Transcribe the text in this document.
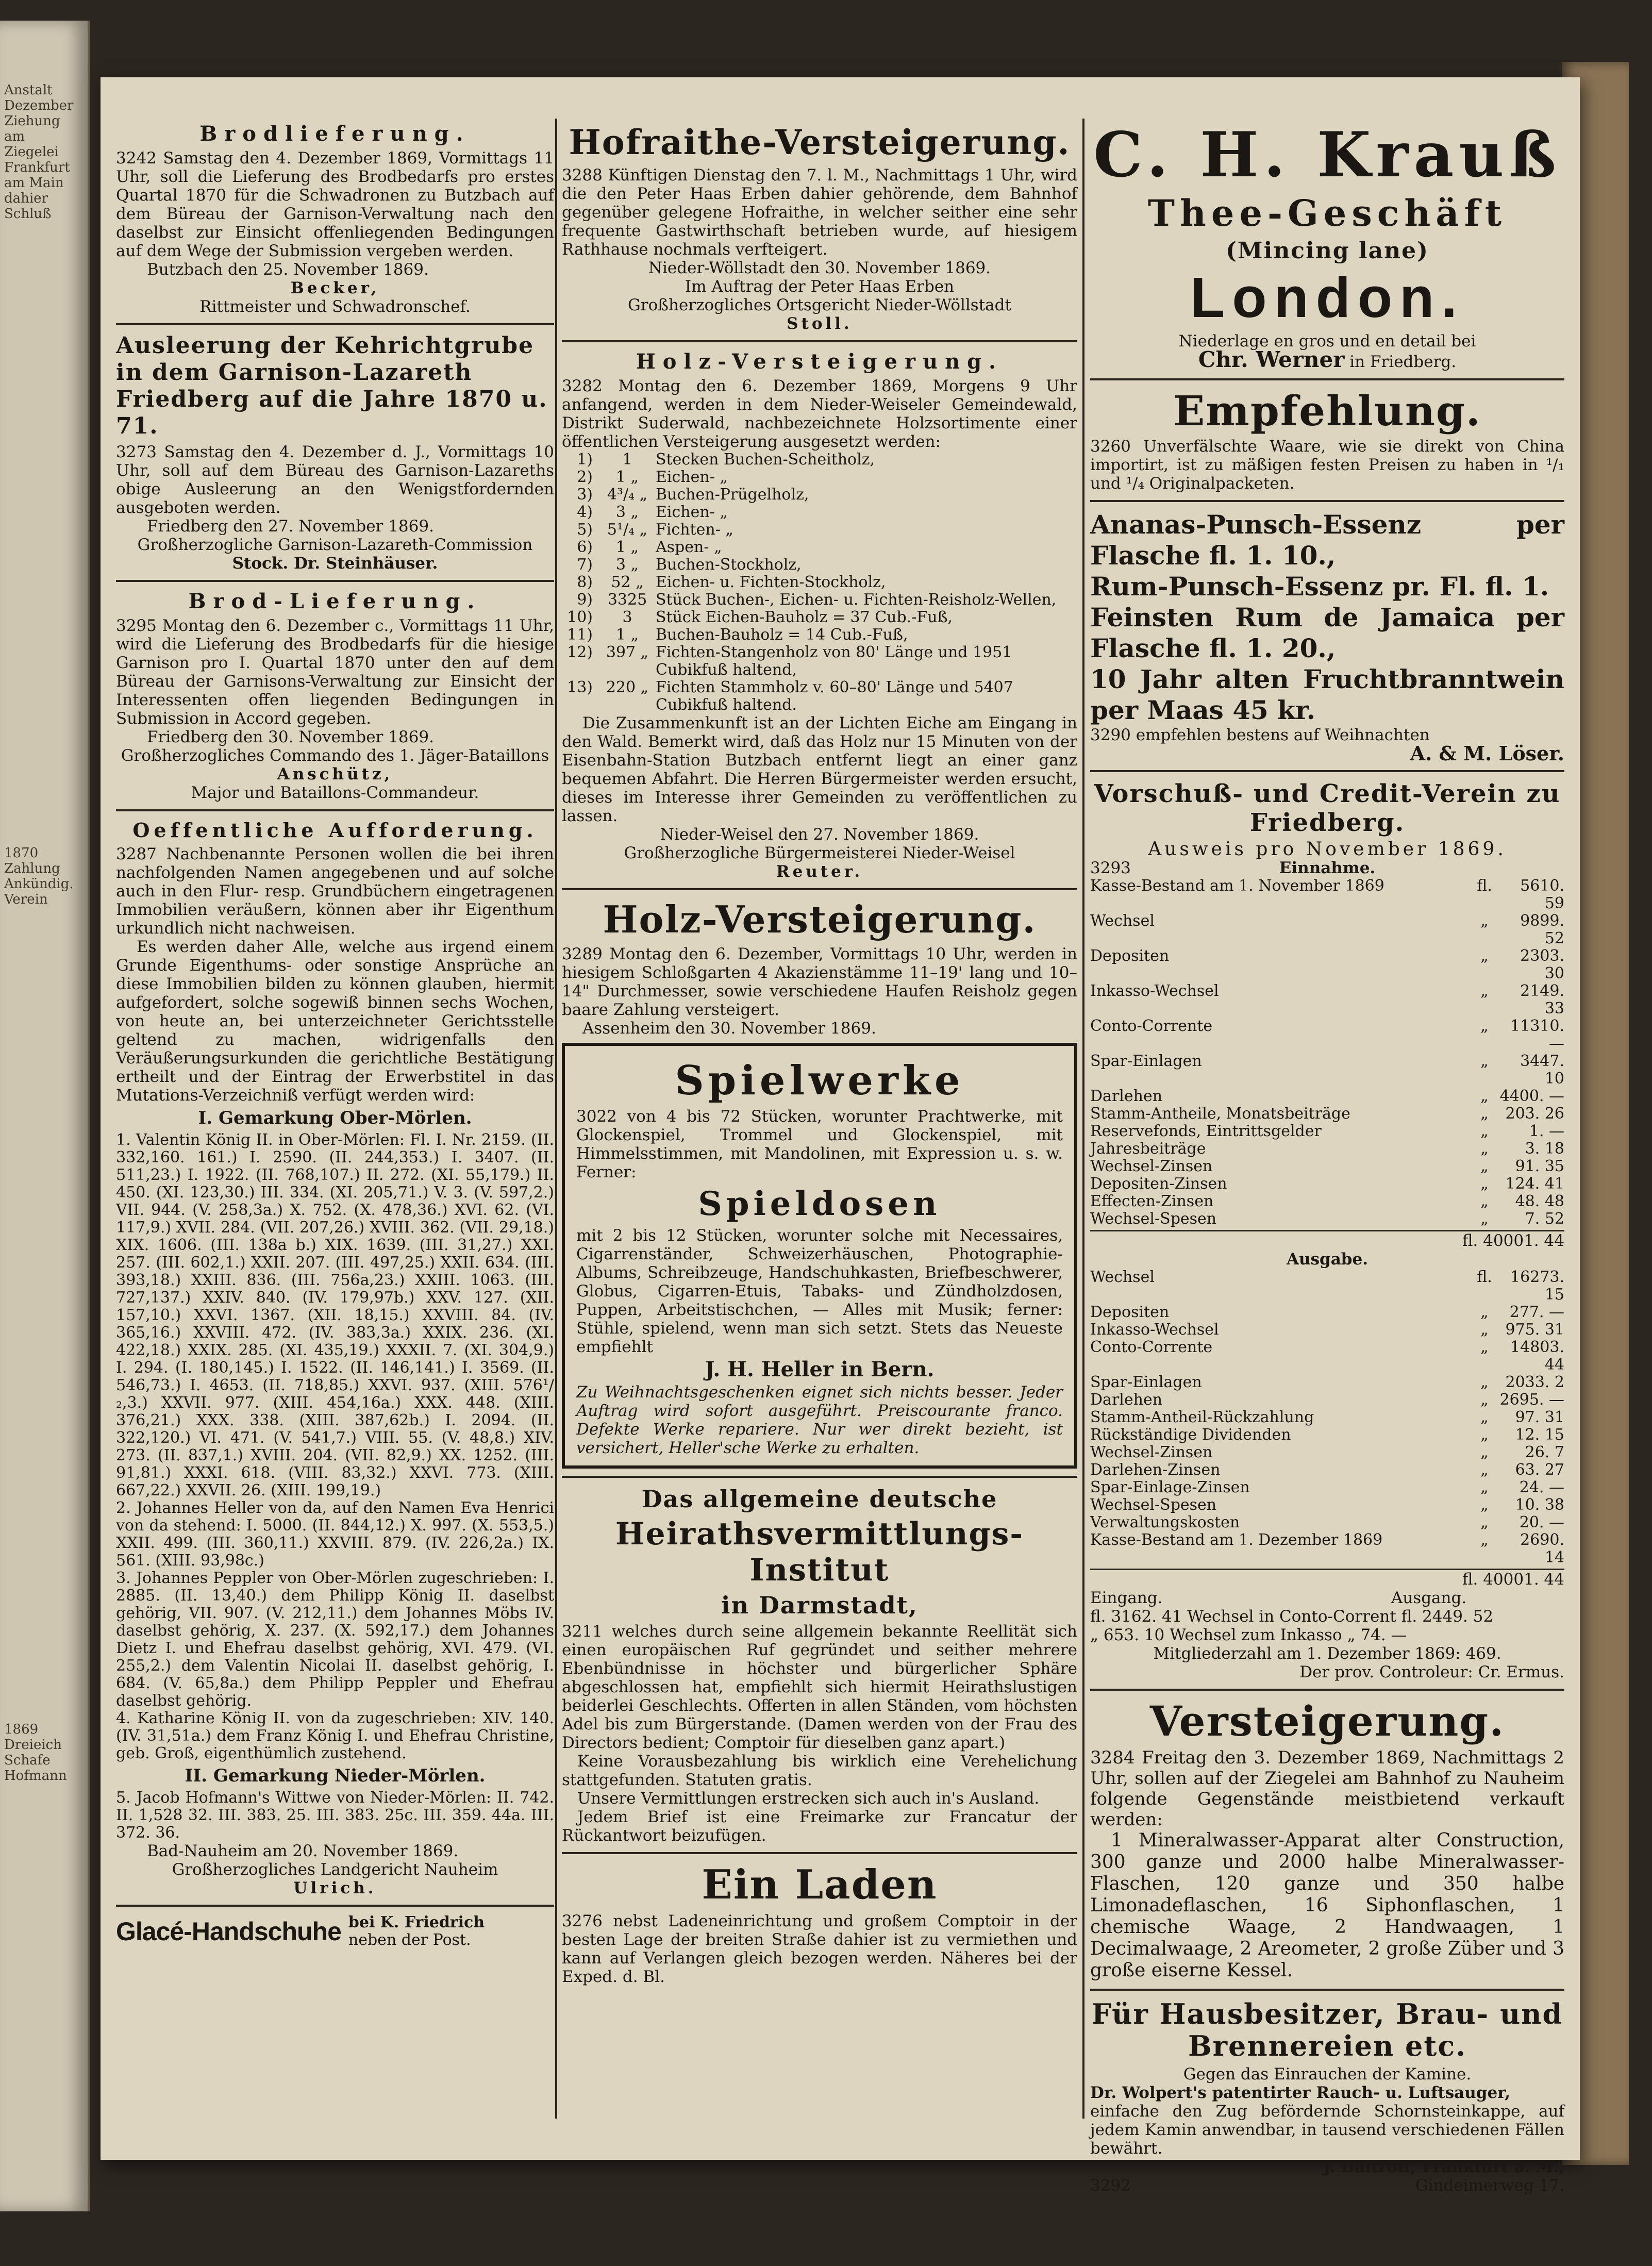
Anstalt
Dezember
Ziehung
am
Ziegelei
Frankfurt
am Main
dahier
Schluß
1870
Zahlung
Ankündig.
Verein
1869
Dreieich
Schafe
Hofmann
Brodlieferung.

3242 Samstag den 4. Dezember 1869, Vormittags 11 Uhr, soll die Lieferung des Brodbedarfs pro erstes Quartal 1870 für die Schwadronen zu Butzbach auf dem Büreau der Garnison-Verwaltung nach den daselbst zur Einsicht offenliegenden Bedingungen auf dem Wege der Submission vergeben werden.

Butzbach den 25. November 1869.

Becker,

Rittmeister und Schwadronschef.

Ausleerung der Kehrichtgrube in dem Garnison-Lazareth Friedberg auf die Jahre 1870 u. 71.

3273 Samstag den 4. Dezember d. J., Vormittags 10 Uhr, soll auf dem Büreau des Garnison-Lazareths obige Ausleerung an den Wenigstfordernden ausgeboten werden.

Friedberg den 27. November 1869.

Großherzogliche Garnison-Lazareth-Commission

Stock. Dr. Steinhäuser.

Brod-Lieferung.

3295 Montag den 6. Dezember c., Vormittags 11 Uhr, wird die Lieferung des Brodbedarfs für die hiesige Garnison pro I. Quartal 1870 unter den auf dem Büreau der Garnisons-Verwaltung zur Einsicht der Interessenten offen liegenden Bedingungen in Submission in Accord gegeben.

Friedberg den 30. November 1869.

Großherzogliches Commando des 1. Jäger-Bataillons

Anschütz,

Major und Bataillons-Commandeur.

Oeffentliche Aufforderung.

3287 Nachbenannte Personen wollen die bei ihren nachfolgenden Namen angegebenen und auf solche auch in den Flur- resp. Grundbüchern eingetragenen Immobilien veräußern, können aber ihr Eigenthum urkundlich nicht nachweisen.

Es werden daher Alle, welche aus irgend einem Grunde Eigenthums- oder sonstige Ansprüche an diese Immobilien bilden zu können glauben, hiermit aufgefordert, solche sogewiß binnen sechs Wochen, von heute an, bei unterzeichneter Gerichtsstelle geltend zu machen, widrigenfalls den Veräußerungsurkunden die gerichtliche Bestätigung ertheilt und der Eintrag der Erwerbstitel in das Mutations-Verzeichniß verfügt werden wird:

I. Gemarkung Ober-Mörlen.

1. Valentin König II. in Ober-Mörlen: Fl. I. Nr. 2159. (II. 332,160. 161.) I. 2590. (II. 244,353.) I. 3407. (II. 511,23.) I. 1922. (II. 768,107.) II. 272. (XI. 55,179.) II. 450. (XI. 123,30.) III. 334. (XI. 205,71.) V. 3. (V. 597,2.) VII. 944. (V. 258,3a.) X. 752. (X. 478,36.) XVI. 62. (VI. 117,9.) XVII. 284. (VII. 207,26.) XVIII. 362. (VII. 29,18.) XIX. 1606. (III. 138a b.) XIX. 1639. (III. 31,27.) XXI. 257. (III. 602,1.) XXII. 207. (III. 497,25.) XXII. 634. (III. 393,18.) XXIII. 836. (III. 756a,23.) XXIII. 1063. (III. 727,137.) XXIV. 840. (IV. 179,97b.) XXV. 127. (XII. 157,10.) XXVI. 1367. (XII. 18,15.) XXVIII. 84. (IV. 365,16.) XXVIII. 472. (IV. 383,3a.) XXIX. 236. (XI. 422,18.) XXIX. 285. (XI. 435,19.) XXXII. 7. (XI. 304,9.) I. 294. (I. 180,145.) I. 1522. (II. 146,141.) I. 3569. (II. 546,73.) I. 4653. (II. 718,85.) XXVI. 937. (XIII. 576¹/₂,3.) XXVII. 977. (XIII. 454,16a.) XXX. 448. (XIII. 376,21.) XXX. 338. (XIII. 387,62b.) I. 2094. (II. 322,120.) VI. 471. (V. 541,7.) VIII. 55. (V. 48,8.) XIV. 273. (II. 837,1.) XVIII. 204. (VII. 82,9.) XX. 1252. (III. 91,81.) XXXI. 618. (VIII. 83,32.) XXVI. 773. (XIII. 667,22.) XXVII. 26. (XIII. 199,19.)

2. Johannes Heller von da, auf den Namen Eva Henrici von da stehend: I. 5000. (II. 844,12.) X. 997. (X. 553,5.) XXII. 499. (III. 360,11.) XXVIII. 879. (IV. 226,2a.) IX. 561. (XIII. 93,98c.)

3. Johannes Peppler von Ober-Mörlen zugeschrieben: I. 2885. (II. 13,40.) dem Philipp König II. daselbst gehörig, VII. 907. (V. 212,11.) dem Johannes Möbs IV. daselbst gehörig, X. 237. (X. 592,17.) dem Johannes Dietz I. und Ehefrau daselbst gehörig, XVI. 479. (VI. 255,2.) dem Valentin Nicolai II. daselbst gehörig, I. 684. (V. 65,8a.) dem Philipp Peppler und Ehefrau daselbst gehörig.

4. Katharine König II. von da zugeschrieben: XIV. 140. (IV. 31,51a.) dem Franz König I. und Ehefrau Christine, geb. Groß, eigenthümlich zustehend.

II. Gemarkung Nieder-Mörlen.

5. Jacob Hofmann's Wittwe von Nieder-Mörlen: II. 742. II. 1,528 32. III. 383. 25. III. 383. 25c. III. 359. 44a. III. 372. 36.

Bad-Nauheim am 20. November 1869.

Großherzogliches Landgericht Nauheim

Ulrich.
Glacé-Handschuhe bei K. Friedrich
neben der Post.
Hofraithe-Versteigerung.

3288 Künftigen Dienstag den 7. l. M., Nachmittags 1 Uhr, wird die den Peter Haas Erben dahier gehörende, dem Bahnhof gegenüber gelegene Hofraithe, in welcher seither eine sehr frequente Gastwirthschaft betrieben wurde, auf hiesigem Rathhause nochmals verfteigert.

Nieder-Wöllstadt den 30. November 1869.

Im Auftrag der Peter Haas Erben

Großherzogliches Ortsgericht Nieder-Wöllstadt

Stoll.
Holz-Versteigerung.

3282 Montag den 6. Dezember 1869, Morgens 9 Uhr anfangend, werden in dem Nieder-Weiseler Gemeindewald, Distrikt Suderwald, nachbezeichnete Holzsortimente einer öffentlichen Versteigerung ausgesetzt werden:

1)	1	Stecken Buchen-Scheitholz,
2)	1 „	Eichen- „
3) 4³/₄ „ Buchen-Prügelholz,
4)	3 „	Eichen- „
5) 5¹/₄ „ Fichten- „
6)	1 „	Aspen- „
7)	3 „	Buchen-Stockholz,
8)	52 „ Eichen- u. Fichten-Stockholz,
9) 3325 Stück Buchen-, Eichen- u. Fichten-Reisholz-Wellen,
10)	3	Stück Eichen-Bauholz = 37 Cub.-Fuß,
11)	1 „	Buchen-Bauholz = 14 Cub.-Fuß,
12) 397 „ Fichten-Stangenholz von 80' Länge und 1951 Cubikfuß haltend,
13) 220 „ Fichten Stammholz v. 60–80' Länge und 5407 Cubikfuß haltend.

Die Zusammenkunft ist an der Lichten Eiche am Eingang in den Wald. Bemerkt wird, daß das Holz nur 15 Minuten von der Eisenbahn-Station Butzbach entfernt liegt an einer ganz bequemen Abfahrt. Die Herren Bürgermeister werden ersucht, dieses im Interesse ihrer Gemeinden zu veröffentlichen zu lassen.

Nieder-Weisel den 27. November 1869.

Großherzogliche Bürgermeisterei Nieder-Weisel

Reuter.
Holz-Versteigerung.

3289 Montag den 6. Dezember, Vormittags 10 Uhr, werden in hiesigem Schloßgarten 4 Akazienstämme 11–19' lang und 10–14" Durchmesser, sowie verschiedene Haufen Reisholz gegen baare Zahlung versteigert.

Assenheim den 30. November 1869.

Spielwerke

3022 von 4 bis 72 Stücken, worunter Prachtwerke, mit Glockenspiel, Trommel und Glockenspiel, mit Himmelsstimmen, mit Mandolinen, mit Expression u. s. w. Ferner:

Spieldosen

mit 2 bis 12 Stücken, worunter solche mit Necessaires, Cigarrenständer, Schweizerhäuschen, Photographie-Albums, Schreibzeuge, Handschuhkasten, Briefbeschwerer, Globus, Cigarren-Etuis, Tabaks- und Zündholzdosen, Puppen, Arbeitstischchen, — Alles mit Musik; ferner: Stühle, spielend, wenn man sich setzt. Stets das Neueste empfiehlt

J. H. Heller in Bern.

Zu Weihnachtsgeschenken eignet sich nichts besser. Jeder Auftrag wird sofort ausgeführt. Preiscourante franco. Defekte Werke repariere. Nur wer direkt bezieht, ist versichert, Heller'sche Werke zu erhalten.

Das allgemeine deutsche
Heirathsvermittlungs-Institut
in Darmstadt,

3211 welches durch seine allgemein bekannte Reellität sich einen europäischen Ruf gegründet und seither mehrere Ebenbündnisse in höchster und bürgerlicher Sphäre abgeschlossen hat, empfiehlt sich hiermit Heirathslustigen beiderlei Geschlechts. Offerten in allen Ständen, vom höchsten Adel bis zum Bürgerstande. (Damen werden von der Frau des Directors bedient; Comptoir für dieselben ganz apart.)

Keine Vorausbezahlung bis wirklich eine Verehelichung stattgefunden. Statuten gratis.

Unsere Vermittlungen erstrecken sich auch in's Ausland.

Jedem Brief ist eine Freimarke zur Francatur der Rückantwort beizufügen.

Ein Laden

3276 nebst Ladeneinrichtung und großem Comptoir in der besten Lage der breiten Straße dahier ist zu vermiethen und kann auf Verlangen gleich bezogen werden. Näheres bei der Exped. d. Bl.

C. H. Krauß
Thee-Geschäft
(Mincing lane)
London.

Niederlage en gros und en detail bei

Chr. Werner in Friedberg.

Empfehlung.

3260 Unverfälschte Waare, wie sie direkt von China importirt, ist zu mäßigen festen Preisen zu haben in ¹/₁ und ¹/₄ Originalpacketen.

Ananas-Punsch-Essenz per Flasche fl. 1. 10.,

Rum-Punsch-Essenz pr. Fl. fl. 1.

Feinsten Rum de Jamaica per Flasche fl. 1. 20.,

10 Jahr alten Fruchtbranntwein per Maas 45 kr.

3290 empfehlen bestens auf Weihnachten

A. & M. Löser.

Vorschuß- und Credit-Verein zu Friedberg.

Ausweis pro November 1869.

3293	Einnahme.
Kasse-Bestand am 1. November 1869	fl.	5610. 59
Wechsel	„	9899. 52
Depositen	„	2303. 30
Inkasso-Wechsel	„	2149. 33
Conto-Corrente	„	11310. —
Spar-Einlagen	„	3447. 10
Darlehen	„ 4400. —
Stamm-Antheile, Monatsbeiträge	„	203. 26
Reservefonds, Eintrittsgelder	„	1. —
Jahresbeiträge	„	3. 18
Wechsel-Zinsen	„	91. 35
Depositen-Zinsen	„	124. 41
Effecten-Zinsen	„	48. 48
Wechsel-Spesen	„	7. 52

fl. 40001. 44

Ausgabe.

Wechsel	fl.	16273. 15
Depositen	„	277. —
Inkasso-Wechsel	„	975. 31
Conto-Corrente	„	14803. 44
Spar-Einlagen	„	2033. 2
Darlehen	„ 2695. —
Stamm-Antheil-Rückzahlung	„	97. 31
Rückständige Dividenden	„	12. 15
Wechsel-Zinsen	„	26. 7
Darlehen-Zinsen	„	63. 27
Spar-Einlage-Zinsen	„	24. —
Wechsel-Spesen	„	10. 38
Verwaltungskosten	„	20. —
Kasse-Bestand am 1. Dezember 1869	„	2690. 14

fl. 40001. 44

Eingang.                                             Ausgang.

fl. 3162. 41 Wechsel in Conto-Corrent fl. 2449. 52

„ 653. 10 Wechsel zum Inkasso „ 74. —

Mitgliederzahl am 1. Dezember 1869: 469.

Der prov. Controleur: Cr. Ermus.

Versteigerung.

3284 Freitag den 3. Dezember 1869, Nachmittags 2 Uhr, sollen auf der Ziegelei am Bahnhof zu Nauheim folgende Gegenstände meistbietend verkauft werden:

1 Mineralwasser-Apparat alter Construction, 300 ganze und 2000 halbe Mineralwasser-Flaschen, 120 ganze und 350 halbe Limonadeflaschen, 16 Siphonflaschen, 1 chemische Waage, 2 Handwaagen, 1 Decimalwaage, 2 Areometer, 2 große Züber und 3 große eiserne Kessel.

Für Hausbesitzer, Brau- und Brennereien etc.

Gegen das Einrauchen der Kamine.

Dr. Wolpert's patentirter Rauch- u. Luftsauger,

einfache den Zug befördernde Schornsteinkappe, auf jedem Kamin anwendbar, in tausend verschiedenen Fällen bewährt.

J. Daltroff, Frankfurt a. M.,

3292	Gindeimerweg 17.
